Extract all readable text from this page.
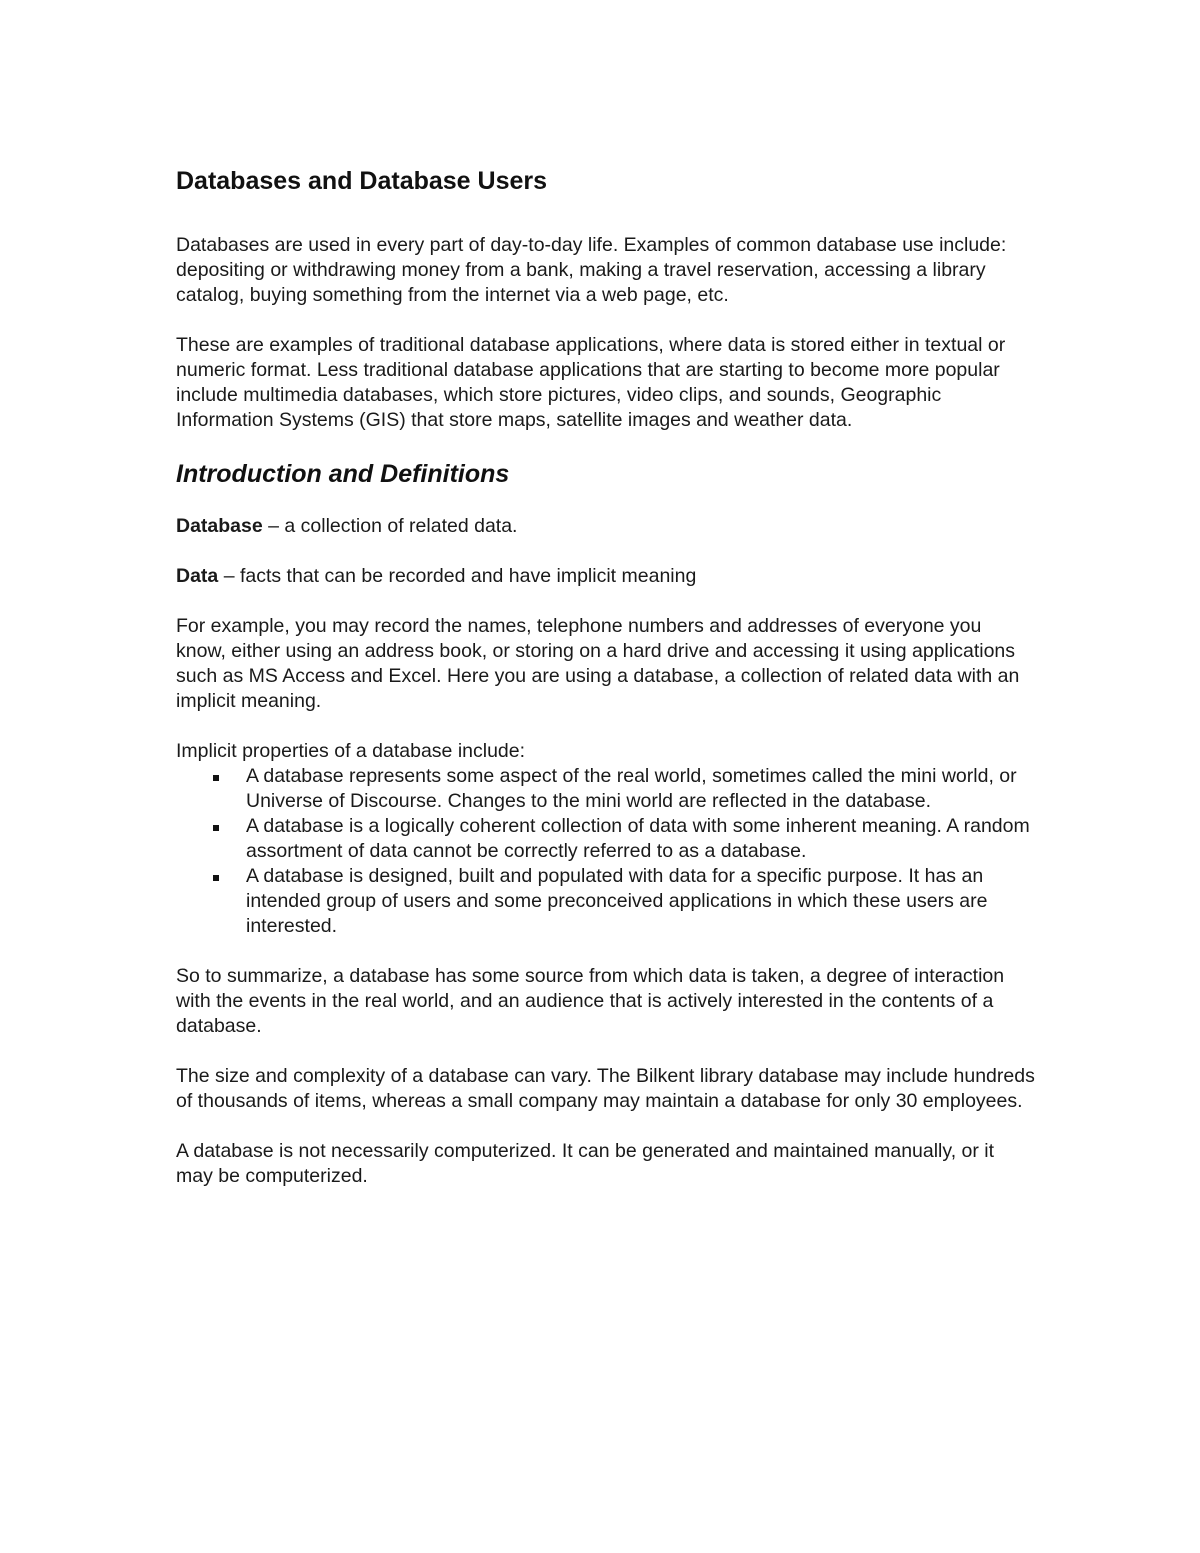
Databases and Database Users

Databases are used in every part of day-to-day life. Examples of common database use include: depositing or withdrawing money from a bank, making a travel reservation, accessing a library catalog, buying something from the internet via a web page, etc.

These are examples of traditional database applications, where data is stored either in textual or numeric format. Less traditional database applications that are starting to become more popular include multimedia databases, which store pictures, video clips, and sounds, Geographic Information Systems (GIS) that store maps, satellite images and weather data.

Introduction and Definitions

Database – a collection of related data.

Data – facts that can be recorded and have implicit meaning

For example, you may record the names, telephone numbers and addresses of everyone you know, either using an address book, or storing on a hard drive and accessing it using applications such as MS Access and Excel. Here you are using a database, a collection of related data with an implicit meaning.

Implicit properties of a database include:

A database represents some aspect of the real world, sometimes called the mini world, or Universe of Discourse. Changes to the mini world are reflected in the database.
A database is a logically coherent collection of data with some inherent meaning. A random assortment of data cannot be correctly referred to as a database.
A database is designed, built and populated with data for a specific purpose. It has an intended group of users and some preconceived applications in which these users are interested.

So to summarize, a database has some source from which data is taken, a degree of interaction with the events in the real world, and an audience that is actively interested in the contents of a database.

The size and complexity of a database can vary. The Bilkent library database may include hundreds of thousands of items, whereas a small company may maintain a database for only 30 employees.

A database is not necessarily computerized. It can be generated and maintained manually, or it may be computerized.
